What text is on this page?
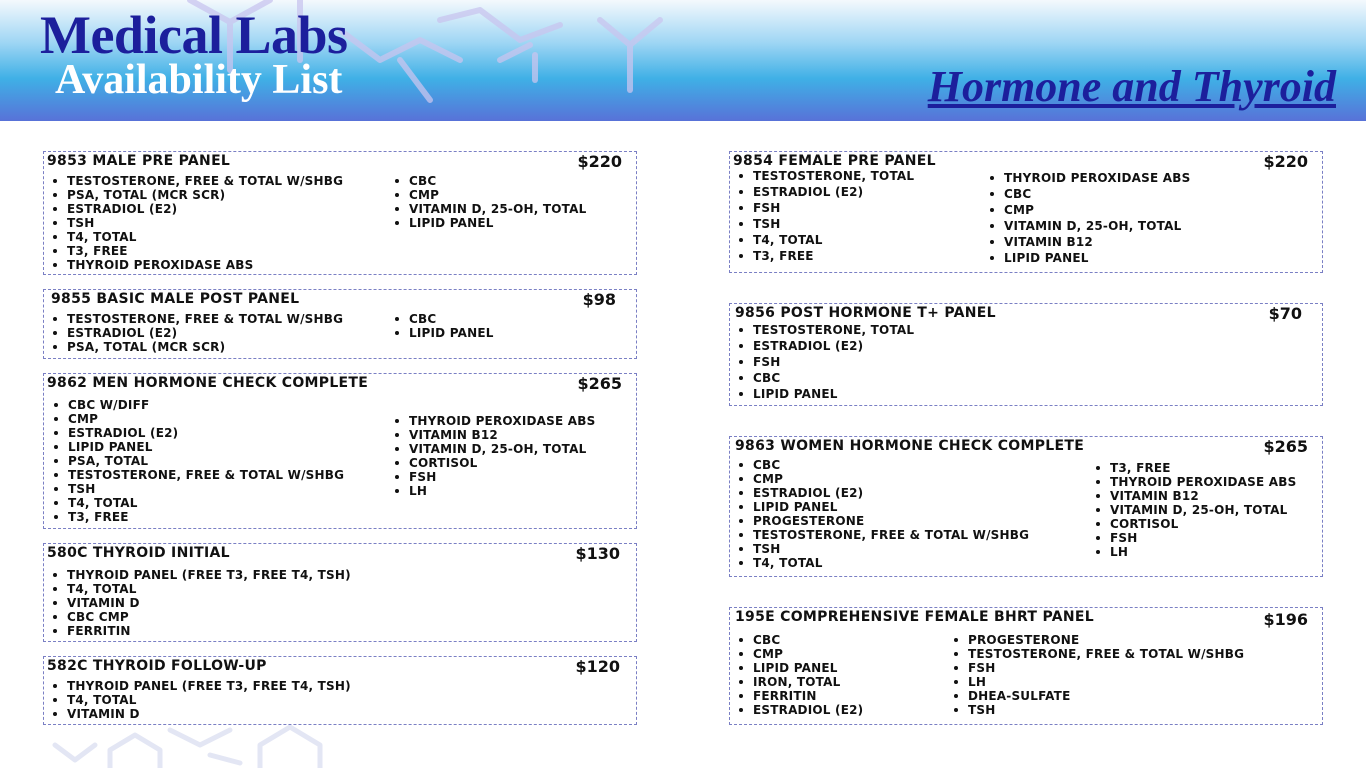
Medical Labs
Availability List	Hormone and Thyroid
9853 MALE PRE PANEL	$220
TESTOSTERONE, FREE & TOTAL W/SHBG
PSA, TOTAL (MCR SCR)
ESTRADIOL (E2)
TSH
T4, TOTAL
T3, FREE
THYROID PEROXIDASE ABS
CBC
CMP
VITAMIN D, 25-OH, TOTAL
LIPID PANEL
9855 BASIC MALE POST PANEL	$98
TESTOSTERONE, FREE & TOTAL W/SHBG
ESTRADIOL (E2)
PSA, TOTAL (MCR SCR)
CBC
LIPID PANEL
9862 MEN HORMONE CHECK COMPLETE	$265
CBC W/DIFF
CMP
ESTRADIOL (E2)
LIPID PANEL
PSA, TOTAL
TESTOSTERONE, FREE & TOTAL W/SHBG
TSH
T4, TOTAL
T3, FREE
THYROID PEROXIDASE ABS
VITAMIN B12
VITAMIN D, 25-OH, TOTAL
CORTISOL
FSH
LH
580C THYROID INITIAL	$130
THYROID PANEL (FREE T3, FREE T4, TSH)
T4, TOTAL
VITAMIN D
CBC CMP
FERRITIN
582C THYROID FOLLOW-UP	$120
THYROID PANEL (FREE T3, FREE T4, TSH)
T4, TOTAL
VITAMIN D
9854 FEMALE PRE PANEL	$220
TESTOSTERONE, TOTAL
ESTRADIOL (E2)
FSH
TSH
T4, TOTAL
T3, FREE
THYROID PEROXIDASE ABS
CBC
CMP
VITAMIN D, 25-OH, TOTAL
VITAMIN B12
LIPID PANEL
9856 POST HORMONE T+ PANEL	$70
TESTOSTERONE, TOTAL
ESTRADIOL (E2)
FSH
CBC
LIPID PANEL
9863 WOMEN HORMONE CHECK COMPLETE	$265
CBC
CMP
ESTRADIOL (E2)
LIPID PANEL
PROGESTERONE
TESTOSTERONE, FREE & TOTAL W/SHBG
TSH
T4, TOTAL
T3, FREE
THYROID PEROXIDASE ABS
VITAMIN B12
VITAMIN D, 25-OH, TOTAL
CORTISOL
FSH
LH
195E COMPREHENSIVE FEMALE BHRT PANEL	$196
CBC
CMP
LIPID PANEL
IRON, TOTAL
FERRITIN
ESTRADIOL (E2)
PROGESTERONE
TESTOSTERONE, FREE & TOTAL W/SHBG
FSH
LH
DHEA-SULFATE
TSH
